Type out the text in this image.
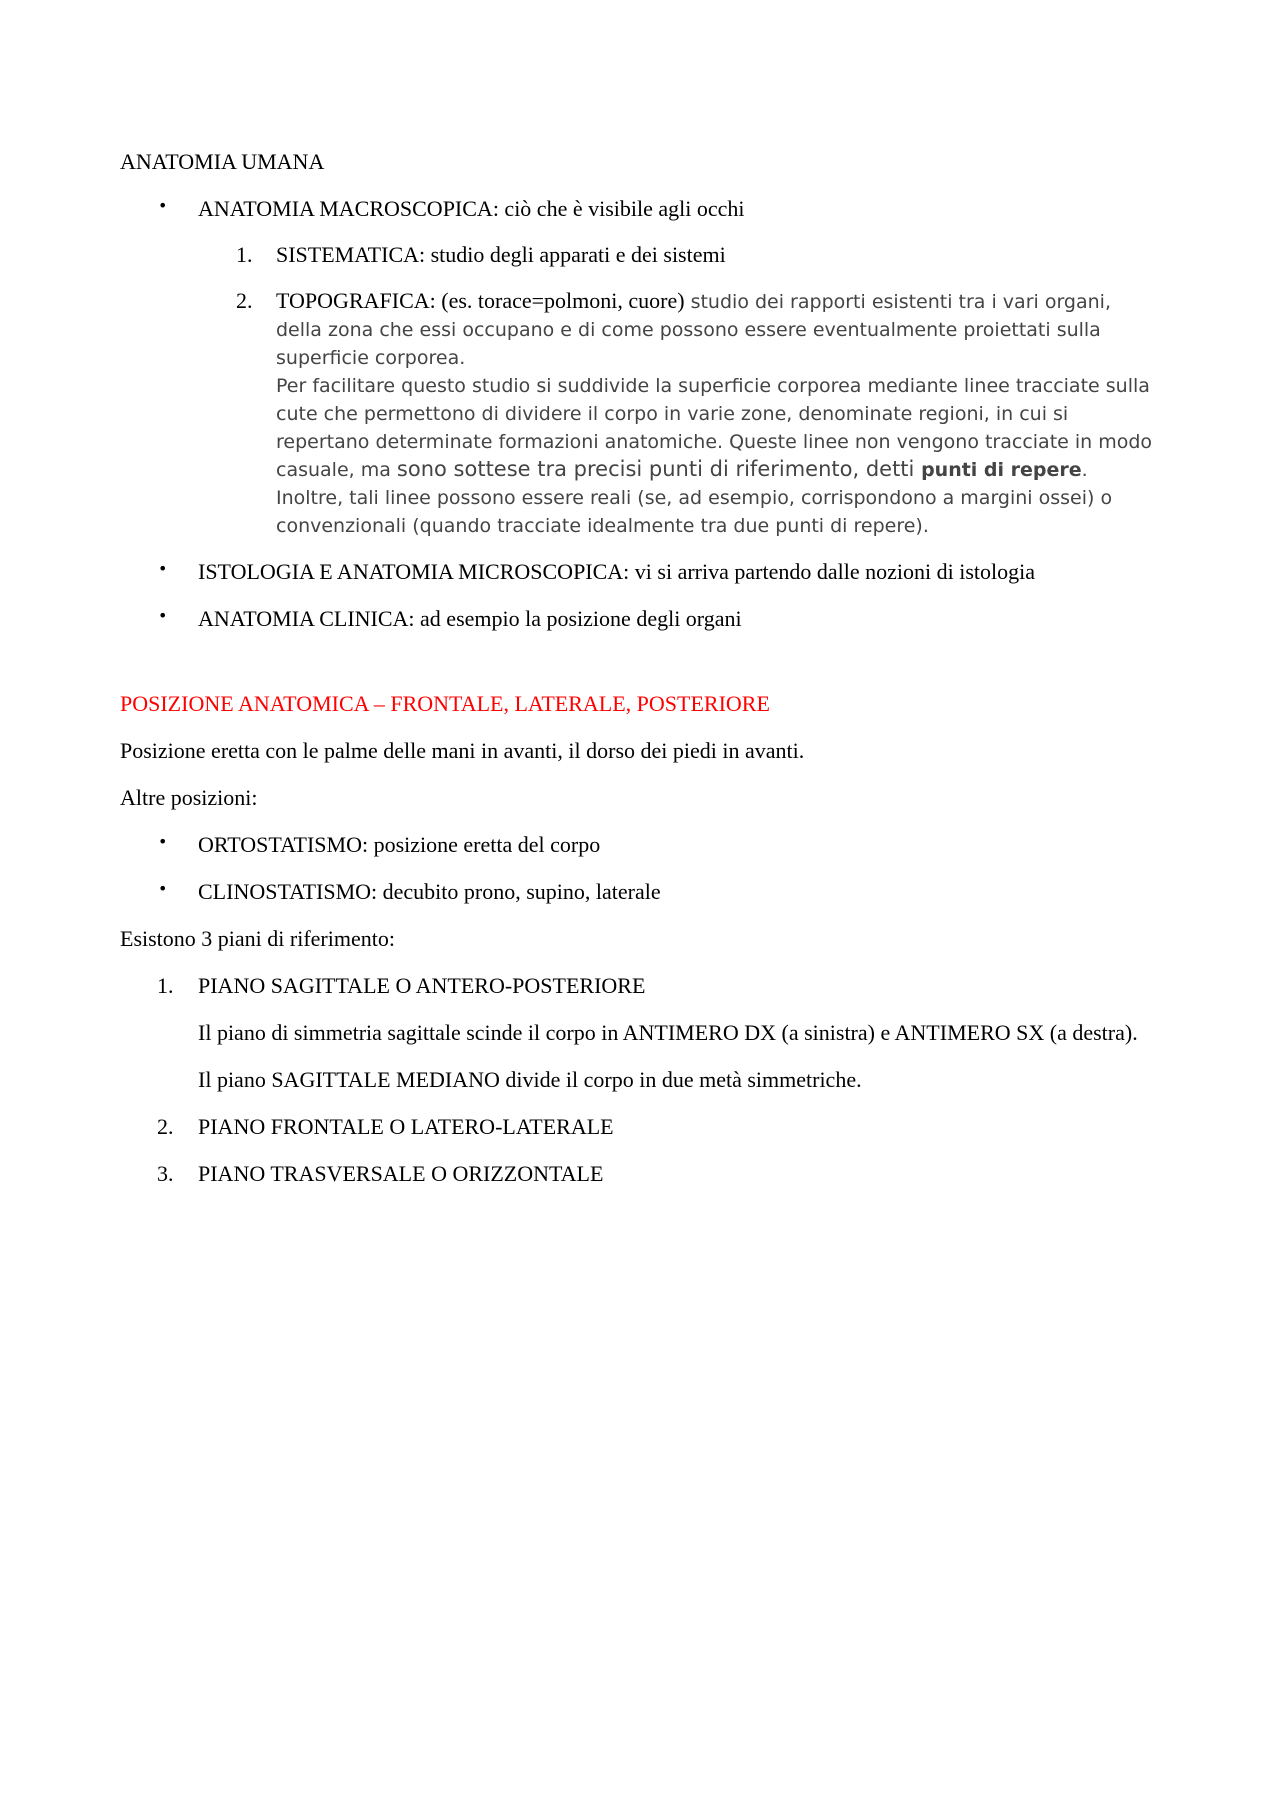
ANATOMIA UMANA

• ANATOMIA MACROSCOPICA: ciò che è visibile agli occhi
1. SISTEMATICA: studio degli apparati e dei sistemi
2. TOPOGRAFICA: (es. torace=polmoni, cuore) studio dei rapporti esistenti tra i vari organi, della zona che essi occupano e di come possono essere eventualmente proiettati sulla superficie corporea.
Per facilitare questo studio si suddivide la superficie corporea mediante linee tracciate sulla cute che permettono di dividere il corpo in varie zone, denominate regioni, in cui si repertano determinate formazioni anatomiche. Queste linee non vengono tracciate in modo casuale, ma sono sottese tra precisi punti di riferimento, detti punti di repere. Inoltre, tali linee possono essere reali (se, ad esempio, corrispondono a margini ossei) o convenzionali (quando tracciate idealmente tra due punti di repere).
• ISTOLOGIA E ANATOMIA MICROSCOPICA: vi si arriva partendo dalle nozioni di istologia
• ANATOMIA CLINICA: ad esempio la posizione degli organi

POSIZIONE ANATOMICA – FRONTALE, LATERALE, POSTERIORE

Posizione eretta con le palme delle mani in avanti, il dorso dei piedi in avanti.

Altre posizioni:

• ORTOSTATISMO: posizione eretta del corpo
• CLINOSTATISMO: decubito prono, supino, laterale

Esistono 3 piani di riferimento:

1. PIANO SAGITTALE O ANTERO-POSTERIORE

Il piano di simmetria sagittale scinde il corpo in ANTIMERO DX (a sinistra) e ANTIMERO SX (a destra).

Il piano SAGITTALE MEDIANO divide il corpo in due metà simmetriche.

2. PIANO FRONTALE O LATERO-LATERALE
3. PIANO TRASVERSALE O ORIZZONTALE
